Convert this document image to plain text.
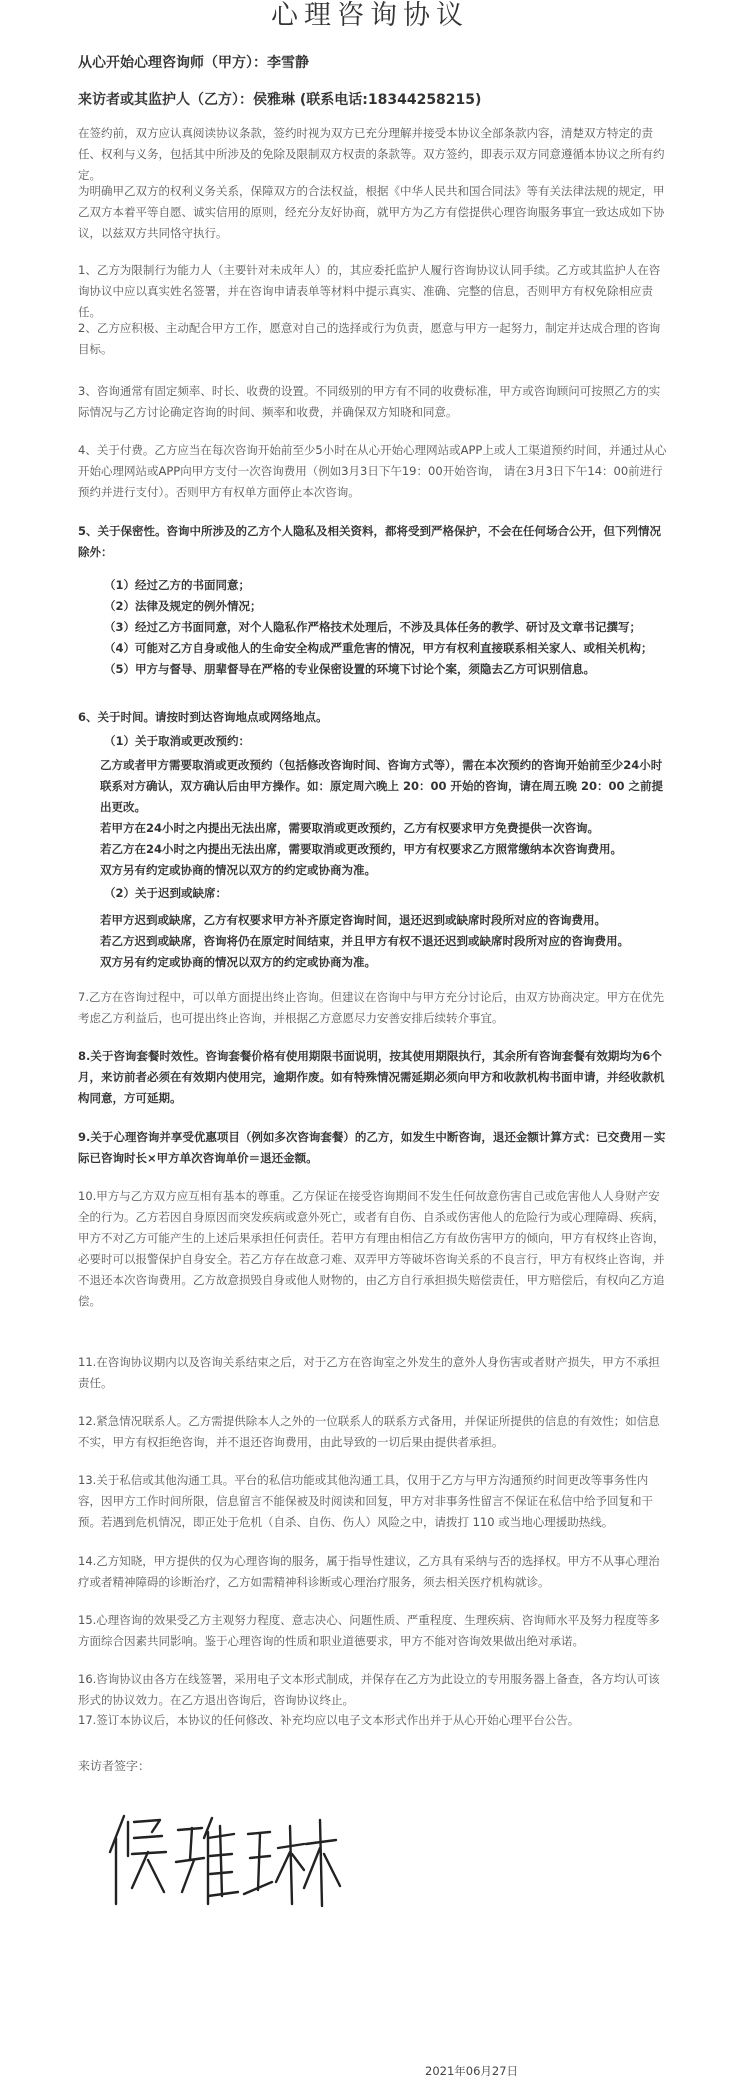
心理咨询协议
从心开始心理咨询师（甲方）：李雪静
来访者或其监护人（乙方）：侯雅琳 (联系电话:18344258215)

在签约前，双方应认真阅读协议条款，签约时视为双方已充分理解并接受本协议全部条款内容，清楚双方特定的责任、权利与义务，包括其中所涉及的免除及限制双方权责的条款等。双方签约，即表示双方同意遵循本协议之所有约定。

为明确甲乙双方的权利义务关系，保障双方的合法权益，根据《中华人民共和国合同法》等有关法律法规的规定，甲乙双方本着平等自愿、诚实信用的原则，经充分友好协商，就甲方为乙方有偿提供心理咨询服务事宜一致达成如下协议，以兹双方共同恪守执行。

1、乙方为限制行为能力人（主要针对未成年人）的，其应委托监护人履行咨询协议认同手续。乙方或其监护人在咨询协议中应以真实姓名签署，并在咨询申请表单等材料中提示真实、准确、完整的信息，否则甲方有权免除相应责任。

2、乙方应积极、主动配合甲方工作，愿意对自己的选择或行为负责，愿意与甲方一起努力，制定并达成合理的咨询目标。

3、咨询通常有固定频率、时长、收费的设置。不同级别的甲方有不同的收费标准，甲方或咨询顾问可按照乙方的实际情况与乙方讨论确定咨询的时间、频率和收费，并确保双方知晓和同意。

4、关于付费。乙方应当在每次咨询开始前至少5小时在从心开始心理网站或APP上或人工渠道预约时间，并通过从心开始心理网站或APP向甲方支付一次咨询费用（例如3月3日下午19：00开始咨询， 请在3月3日下午14：00前进行预约并进行支付）。否则甲方有权单方面停止本次咨询。

5、关于保密性。咨询中所涉及的乙方个人隐私及相关资料，都将受到严格保护，不会在任何场合公开，但下列情况除外：

（1）经过乙方的书面同意；

（2）法律及规定的例外情况；

（3）经过乙方书面同意，对个人隐私作严格技术处理后，不涉及具体任务的教学、研讨及文章书记撰写；

（4）可能对乙方自身或他人的生命安全构成严重危害的情况，甲方有权利直接联系相关家人、或相关机构；

（5）甲方与督导、朋辈督导在严格的专业保密设置的环境下讨论个案，须隐去乙方可识别信息。

6、关于时间。请按时到达咨询地点或网络地点。

（1）关于取消或更改预约：

乙方或者甲方需要取消或更改预约（包括修改咨询时间、咨询方式等），需在本次预约的咨询开始前至少24小时联系对方确认，双方确认后由甲方操作。如：原定周六晚上 20：00 开始的咨询，请在周五晚 20：00 之前提出更改。

若甲方在24小时之内提出无法出席，需要取消或更改预约，乙方有权要求甲方免费提供一次咨询。

若乙方在24小时之内提出无法出席，需要取消或更改预约，甲方有权要求乙方照常缴纳本次咨询费用。

双方另有约定或协商的情况以双方的约定或协商为准。

（2）关于迟到或缺席：

若甲方迟到或缺席，乙方有权要求甲方补齐原定咨询时间，退还迟到或缺席时段所对应的咨询费用。

若乙方迟到或缺席，咨询将仍在原定时间结束，并且甲方有权不退还迟到或缺席时段所对应的咨询费用。

双方另有约定或协商的情况以双方的约定或协商为准。

7.乙方在咨询过程中，可以单方面提出终止咨询。但建议在咨询中与甲方充分讨论后，由双方协商决定。甲方在优先考虑乙方利益后，也可提出终止咨询，并根据乙方意愿尽力安善安排后续转介事宜。

8.关于咨询套餐时效性。咨询套餐价格有使用期限书面说明，按其使用期限执行，其余所有咨询套餐有效期均为6个月，来访前者必须在有效期内使用完，逾期作废。如有特殊情况需延期必须向甲方和收款机构书面申请，并经收款机构同意，方可延期。

9.关于心理咨询并享受优惠项目（例如多次咨询套餐）的乙方，如发生中断咨询，退还金额计算方式：已交费用－实际已咨询时长×甲方单次咨询单价＝退还金额。

10.甲方与乙方双方应互相有基本的尊重。乙方保证在接受咨询期间不发生任何故意伤害自己或危害他人人身财产安全的行为。乙方若因自身原因而突发疾病或意外死亡，或者有自伤、自杀或伤害他人的危险行为或心理障碍、疾病，甲方不对乙方可能产生的上述后果承担任何责任。若甲方有理由相信乙方有故伤害甲方的倾向，甲方有权终止咨询，必要时可以报警保护自身安全。若乙方存在故意刁难、双弄甲方等破坏咨询关系的不良言行，甲方有权终止咨询，并不退还本次咨询费用。乙方故意损毁自身或他人财物的，由乙方自行承担损失赔偿责任，甲方赔偿后，有权向乙方追偿。

11.在咨询协议期内以及咨询关系结束之后，对于乙方在咨询室之外发生的意外人身伤害或者财产损失，甲方不承担责任。

12.紧急情况联系人。乙方需提供除本人之外的一位联系人的联系方式备用，并保证所提供的信息的有效性；如信息不实，甲方有权拒绝咨询，并不退还咨询费用，由此导致的一切后果由提供者承担。

13.关于私信或其他沟通工具。平台的私信功能或其他沟通工具，仅用于乙方与甲方沟通预约时间更改等事务性内容，因甲方工作时间所限，信息留言不能保被及时阅读和回复，甲方对非事务性留言不保证在私信中给予回复和干预。若遇到危机情况，即正处于危机（自杀、自伤、伤人）风险之中，请拨打 110 或当地心理援助热线。

14.乙方知晓，甲方提供的仅为心理咨询的服务，属于指导性建议，乙方具有采纳与否的选择权。甲方不从事心理治疗或者精神障碍的诊断治疗，乙方如需精神科诊断或心理治疗服务，须去相关医疗机构就诊。

15.心理咨询的效果受乙方主观努力程度、意志决心、问题性质、严重程度、生理疾病、咨询师水平及努力程度等多方面综合因素共同影响。鉴于心理咨询的性质和职业道德要求，甲方不能对咨询效果做出绝对承诺。

16.咨询协议由各方在线签署，采用电子文本形式制成，并保存在乙方为此设立的专用服务器上备查，各方均认可该形式的协议效力。在乙方退出咨询后，咨询协议终止。

17.签订本协议后，本协议的任何修改、补充均应以电子文本形式作出并于从心开始心理平台公告。

来访者签字：
2021年06月27日
